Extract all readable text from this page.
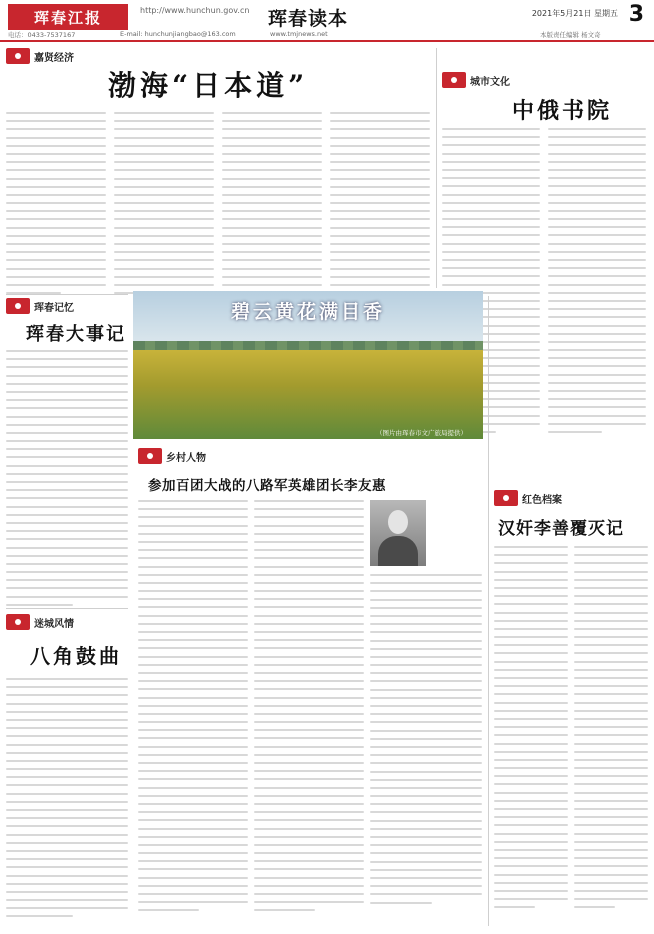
珲春江报	http://www.hunchun.gov.cn 珲春读本	2021年5月21日 星期五 3
电话：0433-7537167	E-mail: hunchunjiangbao@163.com	www.tmjnews.net	本版责任编辑 杨文奇
嘉贤经济
渤海“日本道”	城市文化
中俄书院
珲春记忆
珲春大事记
碧云黄花满目香
（图片由珲春市文广旅局提供）
红色档案
汉奸李善覆灭记
乡村人物
参加百团大战的八路军英雄团长李友惠
迷城风情
八角鼓曲
